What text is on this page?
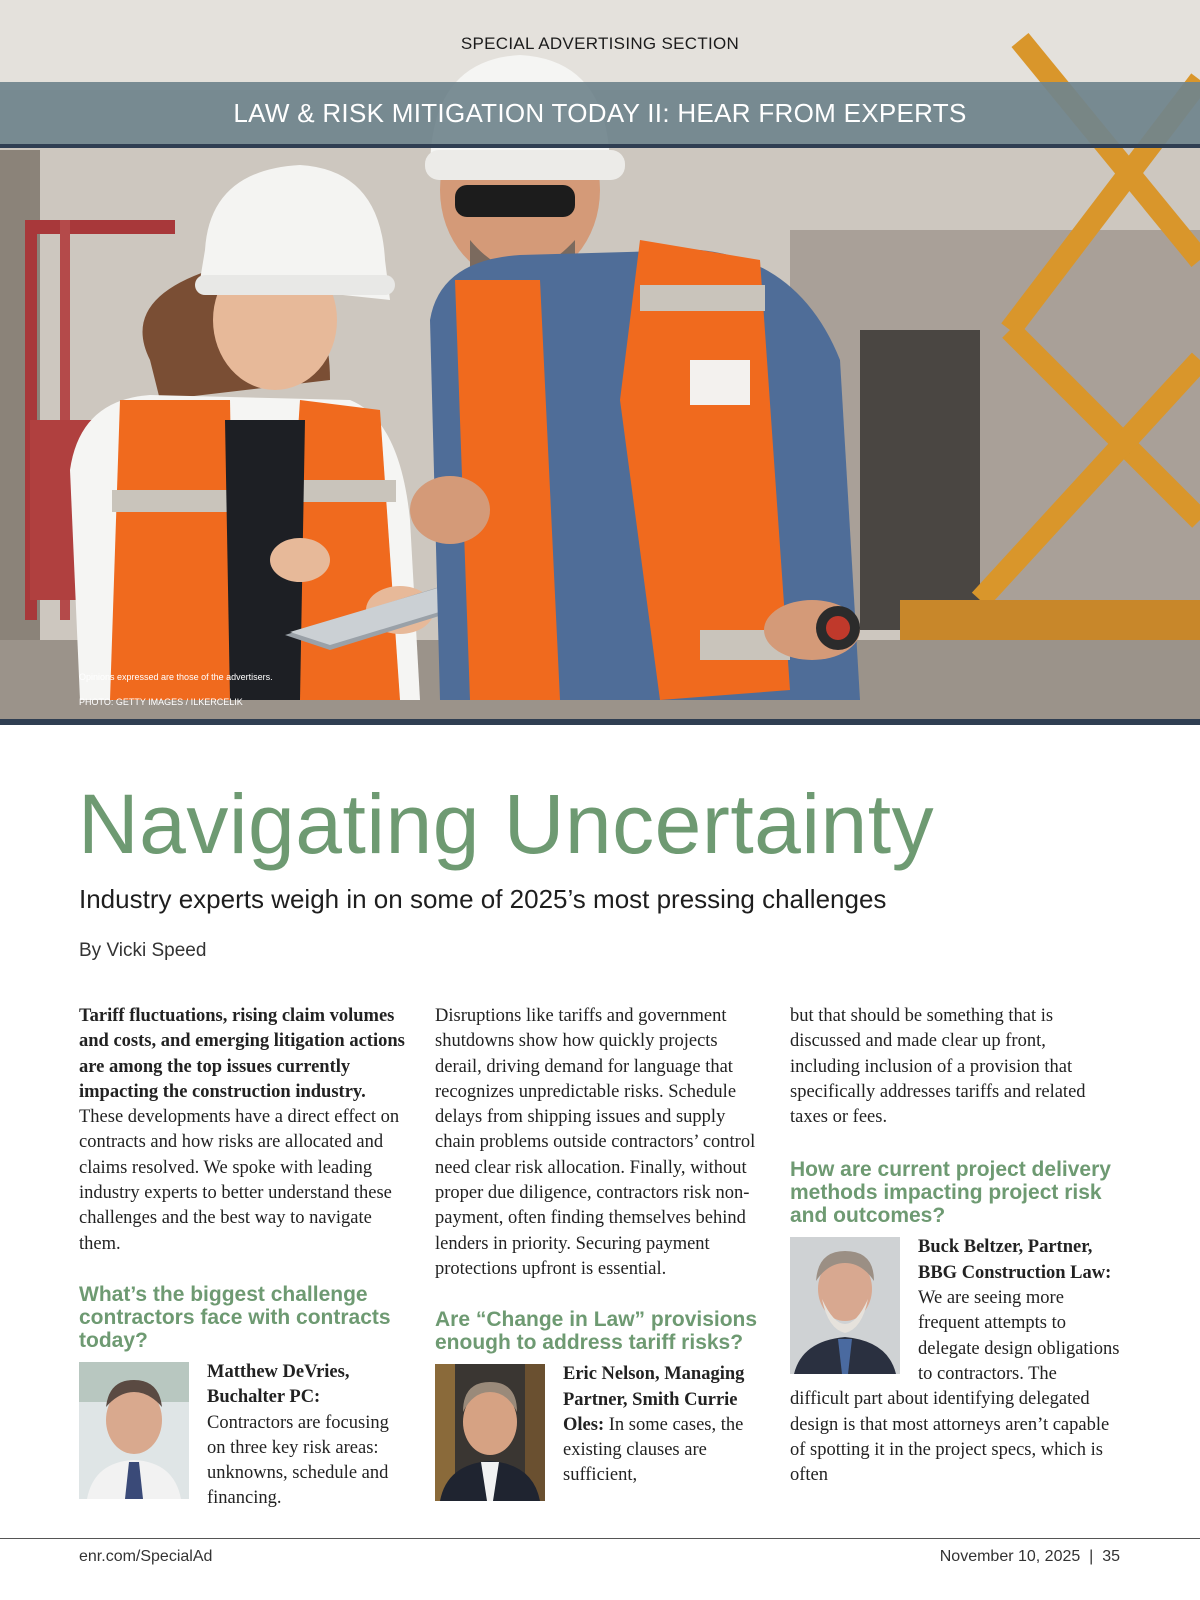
SPECIAL ADVERTISING SECTION
LAW & RISK MITIGATION TODAY II: HEAR FROM EXPERTS
Opinions expressed are those of the advertisers.
PHOTO: GETTY IMAGES / ILKERCELIK
Navigating Uncertainty
Industry experts weigh in on some of 2025’s most pressing challenges
By Vicki Speed

Tariff fluctuations, rising claim volumes and costs, and emerging litigation actions are among the top issues currently impacting the construction industry. These developments have a direct effect on contracts and how risks are allocated and claims resolved. We spoke with leading industry experts to better understand these challenges and the best way to navigate them.

What’s the biggest challenge contractors face with contracts today?

Matthew DeVries, Buchalter PC: Contractors are focusing on three key risk areas: unknowns, schedule and financing.

Disruptions like tariffs and government shutdowns show how quickly projects derail, driving demand for language that recognizes unpredictable risks. Schedule delays from shipping issues and supply chain problems outside contractors’ control need clear risk allocation. Finally, without proper due diligence, contractors risk non-payment, often finding themselves behind lenders in priority. Securing payment protections upfront is essential.

Are “Change in Law” provisions enough to address tariff risks?

Eric Nelson, Managing Partner, Smith Currie Oles: In some cases, the existing clauses are sufficient,

but that should be something that is discussed and made clear up front, including inclusion of a provision that specifically addresses tariffs and related taxes or fees.

How are current project delivery methods impacting project risk and outcomes?

Buck Beltzer, Partner, BBG Construction Law: We are seeing more frequent attempts to delegate design obligations to contractors. The difficult part about identifying delegated design is that most attorneys aren’t capable of spotting it in the project specs, which is often

enr.com/SpecialAd	November 10, 2025  |  35
